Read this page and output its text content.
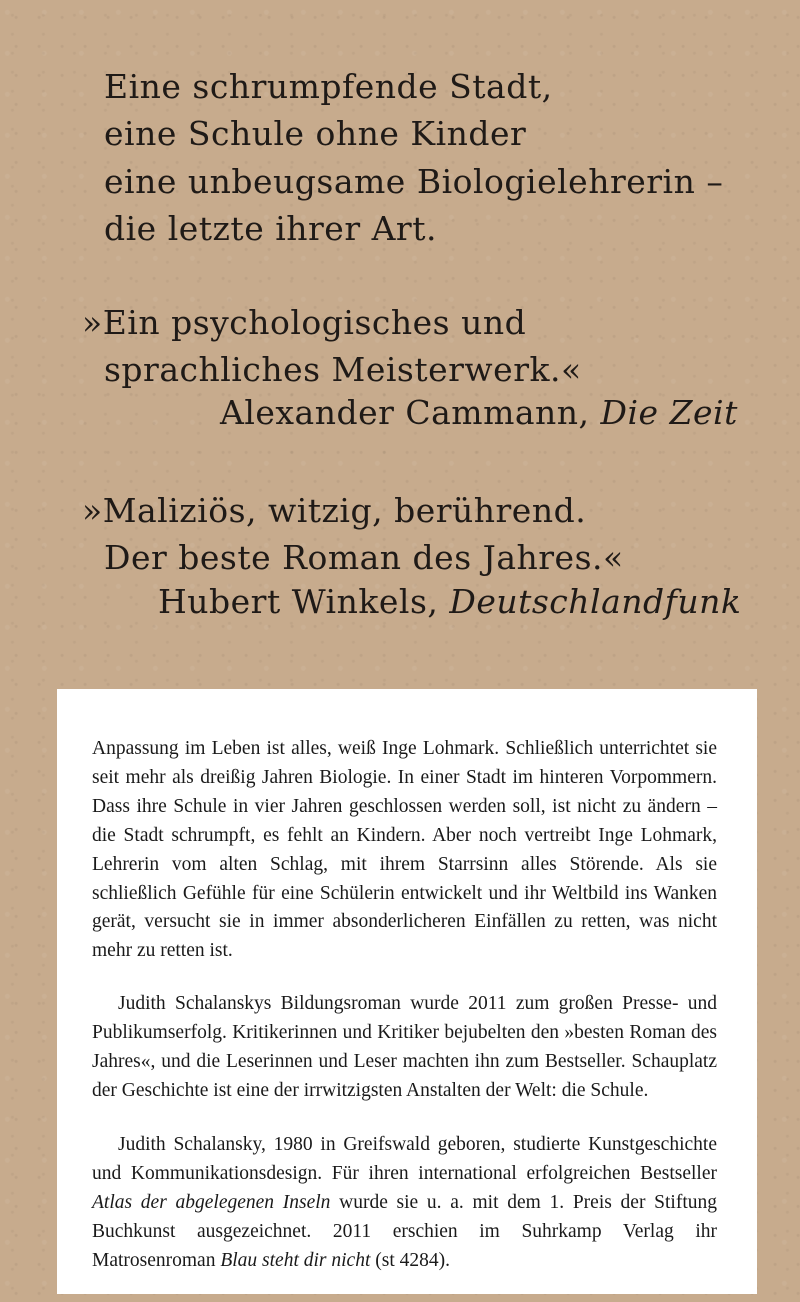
Eine schrumpfende Stadt,

eine Schule ohne Kinder

eine unbeugsame Biologielehrerin –

die letzte ihrer Art.

»Ein psychologisches und

sprachliches Meisterwerk.«

Alexander Cammann, Die Zeit

»Maliziös, witzig, berührend.

Der beste Roman des Jahres.«

Hubert Winkels, Deutschlandfunk

Anpassung im Leben ist alles, weiß Inge Lohmark. Schließlich unterrichtet sie seit mehr als dreißig Jahren Biologie. In einer Stadt im hinteren Vorpommern. Dass ihre Schule in vier Jahren geschlossen werden soll, ist nicht zu ändern – die Stadt schrumpft, es fehlt an Kindern. Aber noch vertreibt Inge Lohmark, Lehrerin vom alten Schlag, mit ihrem Starrsinn alles Störende. Als sie schließlich Gefühle für eine Schülerin entwickelt und ihr Weltbild ins Wanken gerät, versucht sie in immer absonderlicheren Einfällen zu retten, was nicht mehr zu retten ist.

Judith Schalanskys Bildungsroman wurde 2011 zum großen Presse- und Publikumserfolg. Kritikerinnen und Kritiker bejubelten den »besten Roman des Jahres«, und die Leserinnen und Leser machten ihn zum Bestseller. Schauplatz der Geschichte ist eine der irrwitzigsten Anstalten der Welt: die Schule.

Judith Schalansky, 1980 in Greifswald geboren, studierte Kunstgeschichte und Kommunikationsdesign. Für ihren international erfolgreichen Bestseller Atlas der abgelegenen Inseln wurde sie u. a. mit dem 1. Preis der Stiftung Buchkunst ausgezeichnet. 2011 erschien im Suhrkamp Verlag ihr Matrosenroman Blau steht dir nicht (st 4284).
